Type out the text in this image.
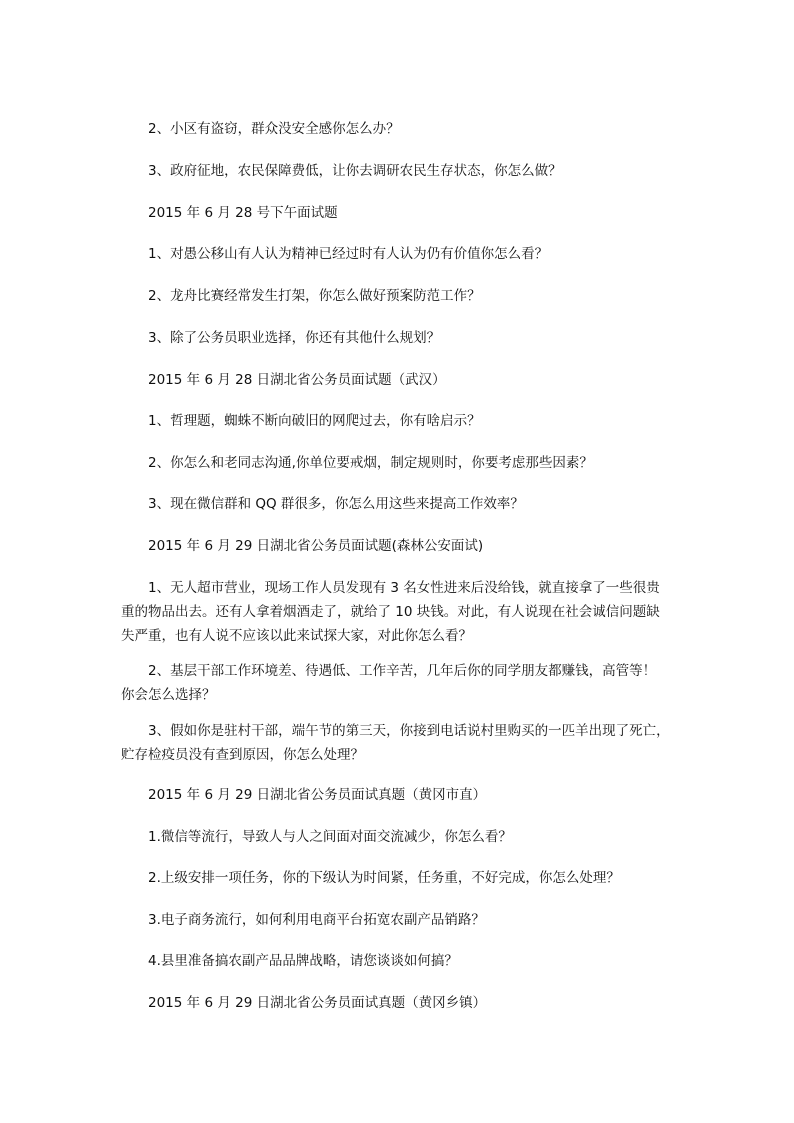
2、小区有盗窃，群众没安全感你怎么办？

3、政府征地，农民保障费低，让你去调研农民生存状态，你怎么做？

2015 年 6 月 28 号下午面试题

1、对愚公移山有人认为精神已经过时有人认为仍有价值你怎么看？

2、龙舟比赛经常发生打架，你怎么做好预案防范工作？

3、除了公务员职业选择，你还有其他什么规划？

2015 年 6 月 28 日湖北省公务员面试题（武汉）

1、哲理题，蜘蛛不断向破旧的网爬过去，你有啥启示？

2、你怎么和老同志沟通,你单位要戒烟，制定规则时，你要考虑那些因素？

3、现在微信群和 QQ 群很多，你怎么用这些来提高工作效率？

2015 年 6 月 29 日湖北省公务员面试题(森林公安面试)

1、无人超市营业，现场工作人员发现有 3 名女性进来后没给钱，就直接拿了一些很贵

重的物品出去。还有人拿着烟酒走了，就给了 10 块钱。对此，有人说现在社会诚信问题缺

失严重，也有人说不应该以此来试探大家，对此你怎么看？

2、基层干部工作环境差、待遇低、工作辛苦，几年后你的同学朋友都赚钱，高管等！

你会怎么选择？

3、假如你是驻村干部，端午节的第三天，你接到电话说村里购买的一匹羊出现了死亡，

贮存检疫员没有查到原因，你怎么处理？

2015 年 6 月 29 日湖北省公务员面试真题（黄冈市直）

1.微信等流行，导致人与人之间面对面交流减少，你怎么看？

2.上级安排一项任务，你的下级认为时间紧，任务重，不好完成，你怎么处理？

3.电子商务流行，如何利用电商平台拓宽农副产品销路？

4.县里准备搞农副产品品牌战略，请您谈谈如何搞？

2015 年 6 月 29 日湖北省公务员面试真题（黄冈乡镇）
